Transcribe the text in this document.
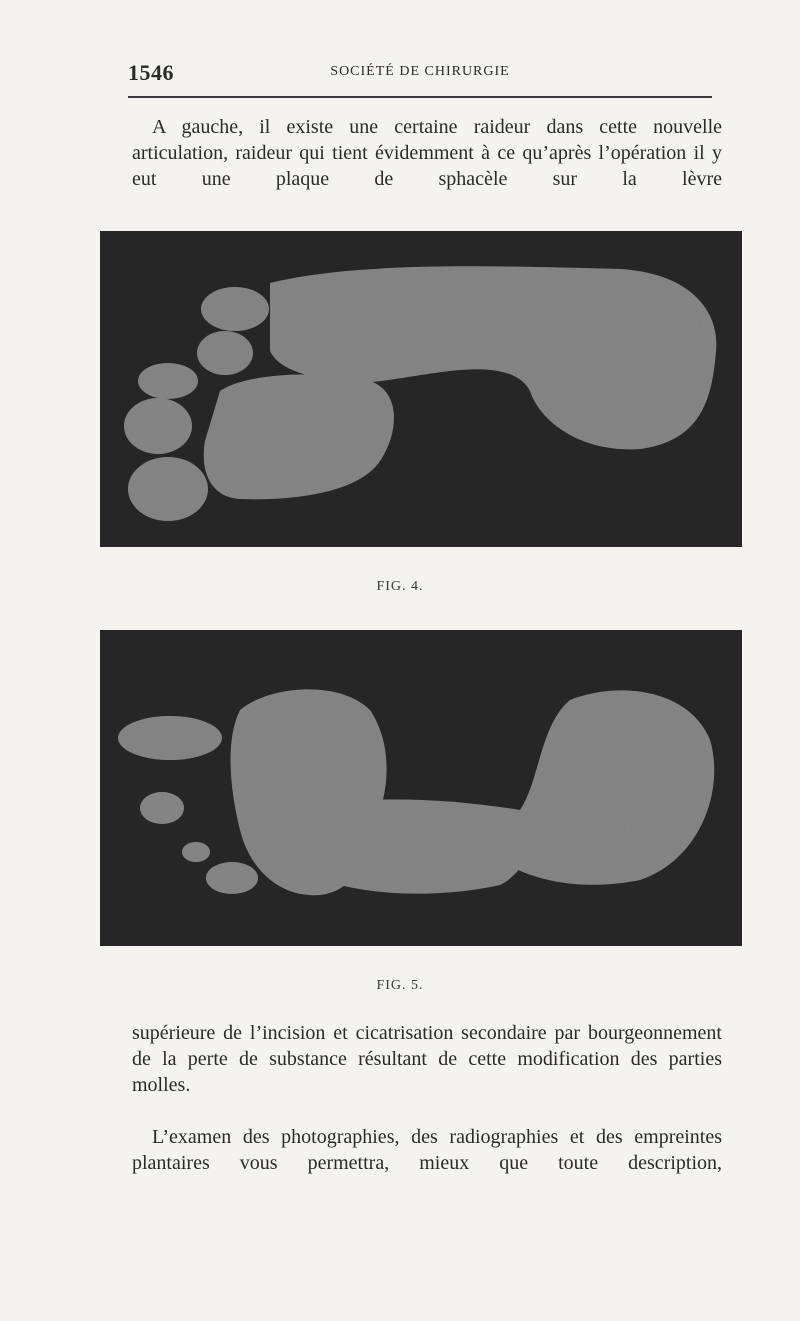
1546	SOCIÉTÉ DE CHIRURGIE

A gauche, il existe une certaine raideur dans cette nouvelle articulation, raideur qui tient évidemment à ce qu’après l’opération il y eut une plaque de sphacèle sur la lèvre

FIG. 4.
FIG. 5.

supérieure de l’incision et cicatrisation secondaire par bourgeonnement de la perte de substance résultant de cette modification des parties molles.

L’examen des photographies, des radiographies et des empreintes plantaires vous permettra, mieux que toute description,
